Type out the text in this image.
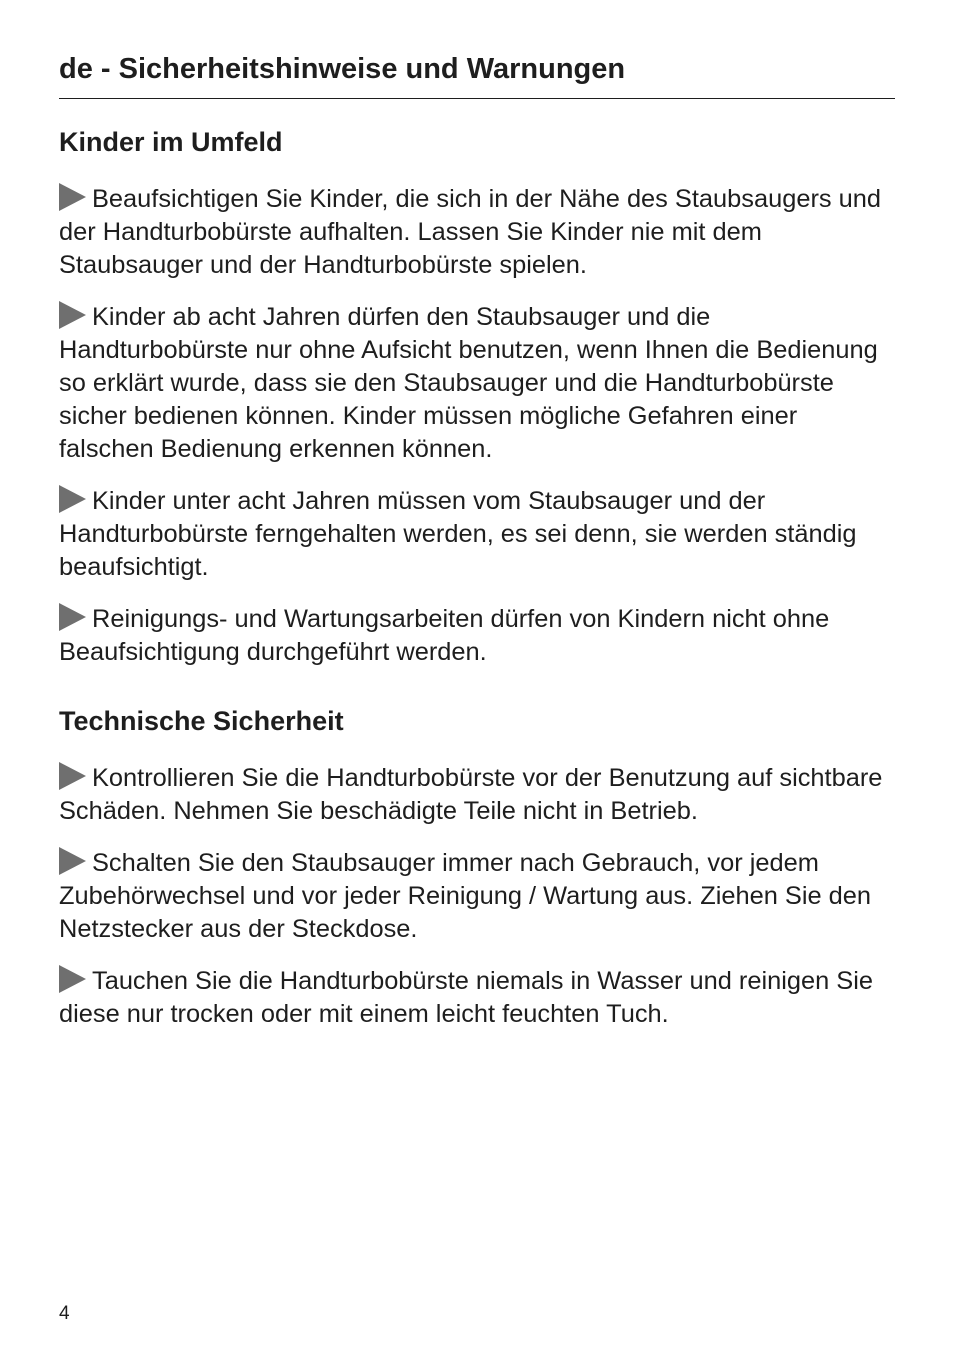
de - Sicherheitshinweise und Warnungen
Kinder im Umfeld
Beaufsichtigen Sie Kinder, die sich in der Nähe des Staubsaugers und der Handturbobürste aufhalten. Lassen Sie Kinder nie mit dem Staubsauger und der Handturbobürste spielen.
Kinder ab acht Jahren dürfen den Staubsauger und die Handturbobürste nur ohne Aufsicht benutzen, wenn Ihnen die Bedienung so erklärt wurde, dass sie den Staubsauger und die Handturbobürste sicher bedienen können. Kinder müssen mögliche Gefahren einer falschen Bedienung erkennen können.
Kinder unter acht Jahren müssen vom Staubsauger und der Handturbobürste ferngehalten werden, es sei denn, sie werden ständig beaufsichtigt.
Reinigungs- und Wartungsarbeiten dürfen von Kindern nicht ohne Beaufsichtigung durchgeführt werden.
Technische Sicherheit
Kontrollieren Sie die Handturbobürste vor der Benutzung auf sichtbare Schäden. Nehmen Sie beschädigte Teile nicht in Betrieb.
Schalten Sie den Staubsauger immer nach Gebrauch, vor jedem Zubehörwechsel und vor jeder Reinigung / Wartung aus. Ziehen Sie den Netzstecker aus der Steckdose.
Tauchen Sie die Handturbobürste niemals in Wasser und reinigen Sie diese nur trocken oder mit einem leicht feuchten Tuch.
4
